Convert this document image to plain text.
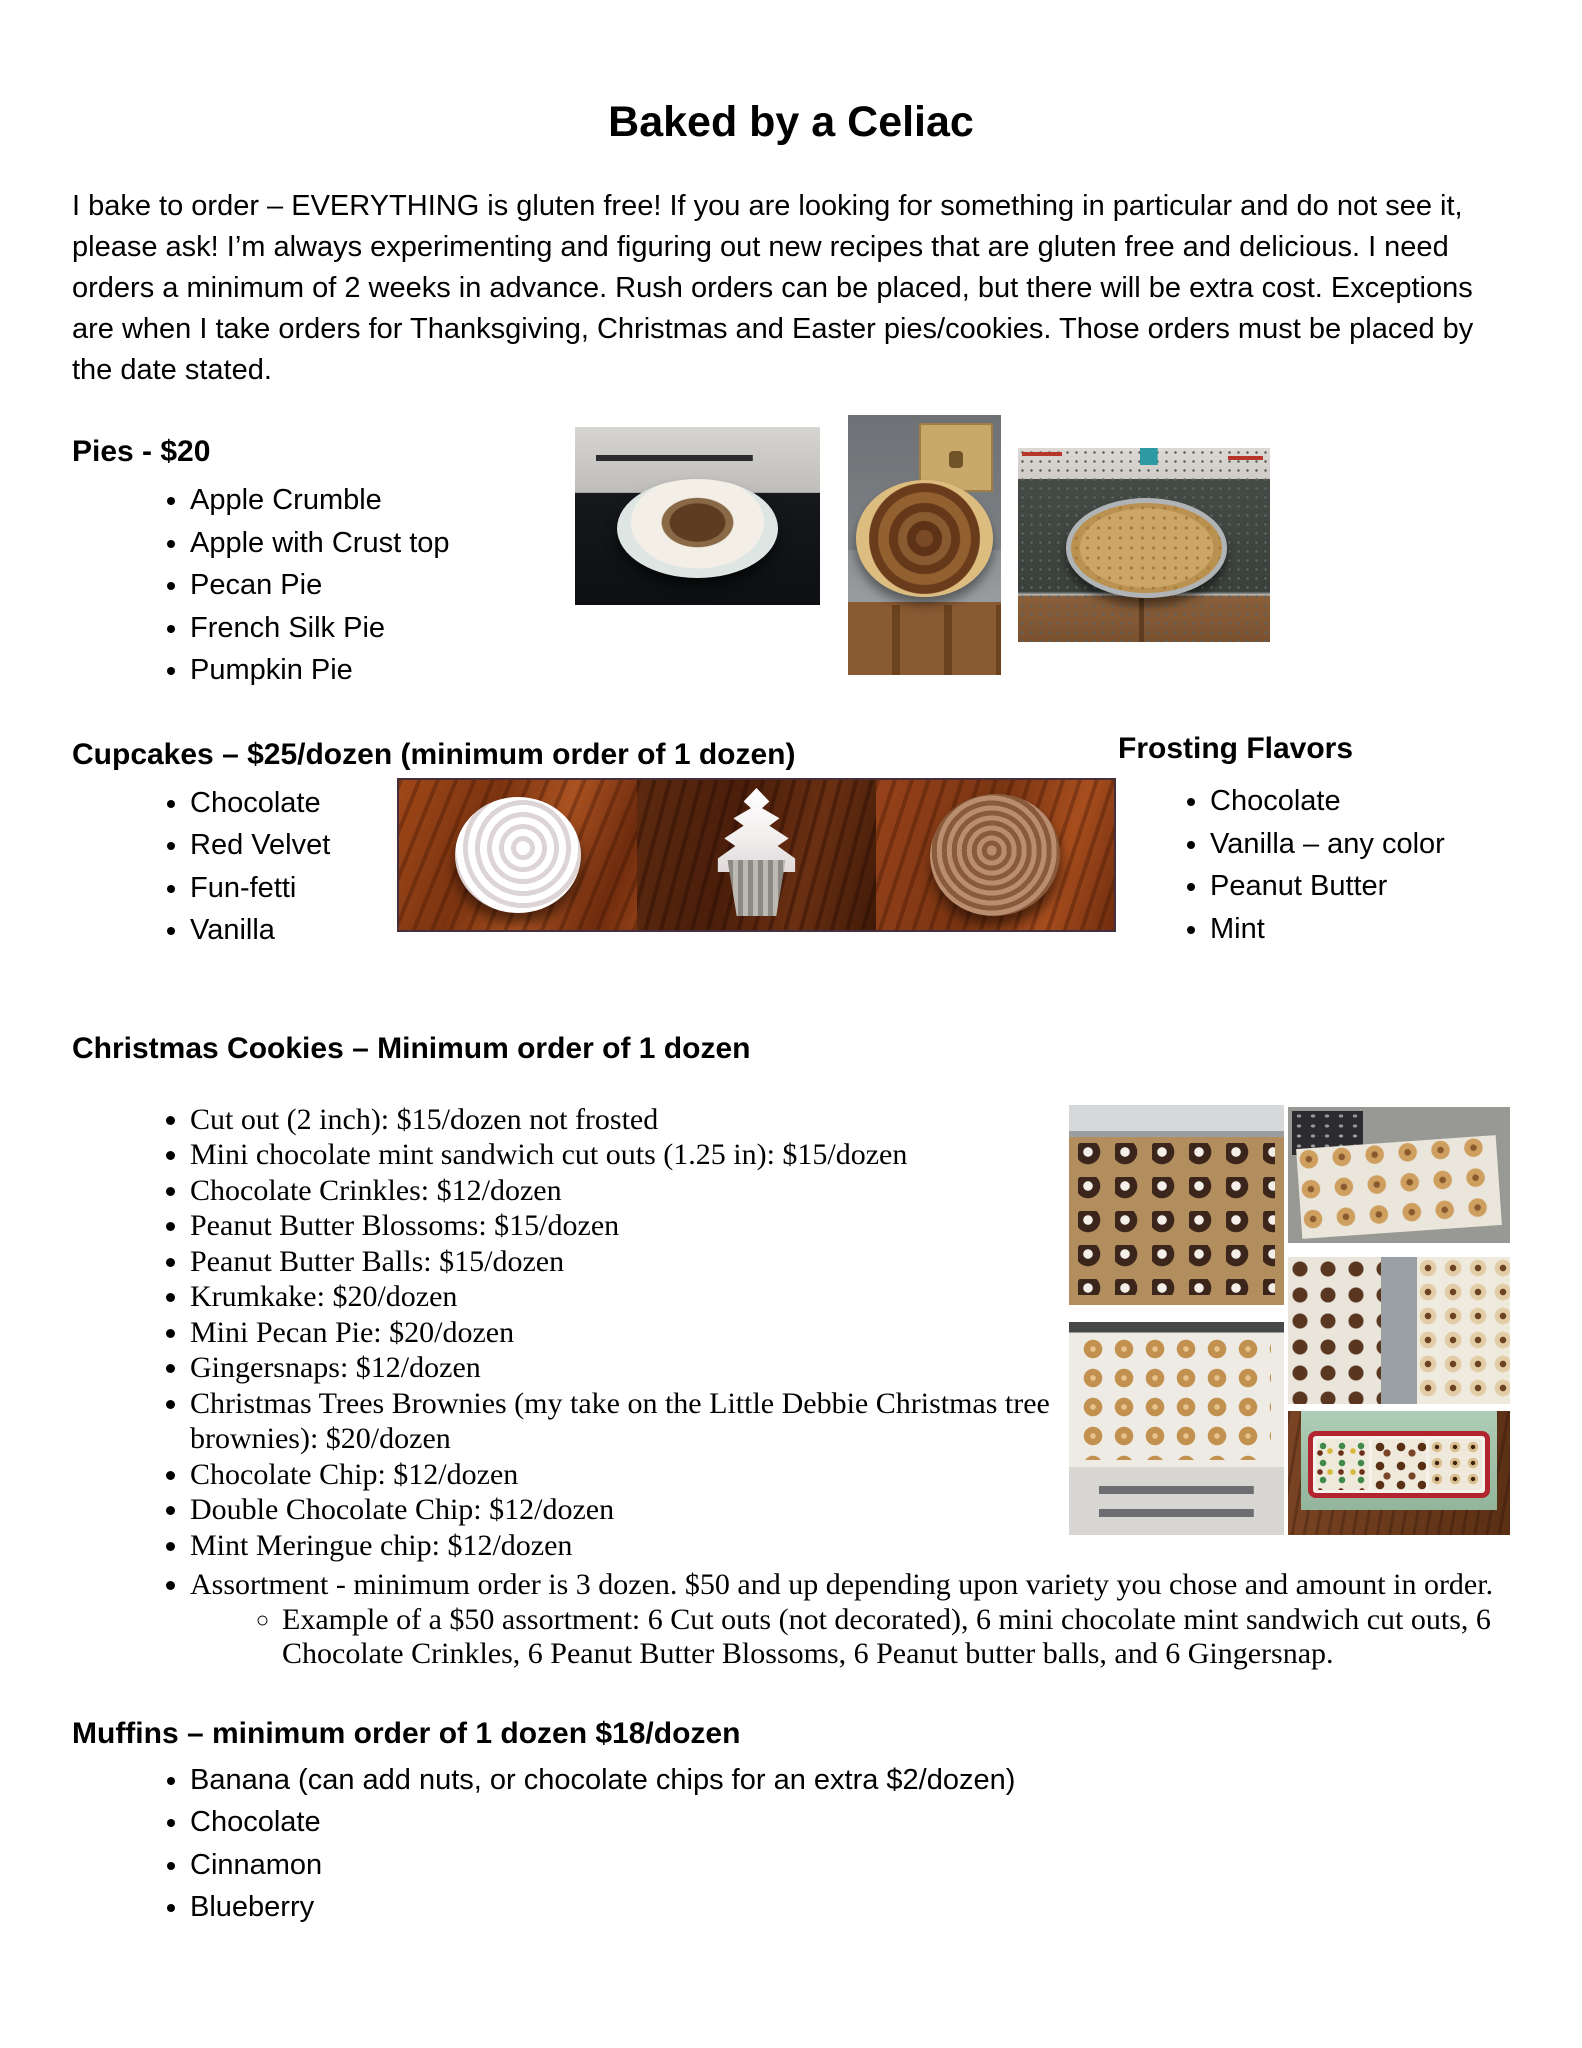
Baked by a Celiac

I bake to order – EVERYTHING is gluten free! If you are looking for something in particular and do not see it, please ask! I’m always experimenting and figuring out new recipes that are gluten free and delicious. I need orders a minimum of 2 weeks in advance. Rush orders can be placed, but there will be extra cost. Exceptions are when I take orders for Thanksgiving, Christmas and Easter pies/cookies. Those orders must be placed by the date stated.

Pies - $20
• Apple Crumble
• Apple with Crust top
• Pecan Pie
• French Silk Pie
• Pumpkin Pie
Cupcakes – $25/dozen (minimum order of 1 dozen)
• Chocolate
• Red Velvet
• Fun-fetti
• Vanilla
Frosting Flavors
• Chocolate
• Vanilla – any color
• Peanut Butter
• Mint
Christmas Cookies – Minimum order of 1 dozen
• Cut out (2 inch): $15/dozen not frosted
• Mini chocolate mint sandwich cut outs (1.25 in): $15/dozen
• Chocolate Crinkles: $12/dozen
• Peanut Butter Blossoms: $15/dozen
• Peanut Butter Balls: $15/dozen
• Krumkake: $20/dozen
• Mini Pecan Pie: $20/dozen
• Gingersnaps: $12/dozen
• Christmas Trees Brownies (my take on the Little Debbie Christmas tree brownies): $20/dozen
• Chocolate Chip: $12/dozen
• Double Chocolate Chip: $12/dozen
• Mint Meringue chip: $12/dozen
• Assortment - minimum order is 3 dozen. $50 and up depending upon variety you chose and amount in order.
◦ Example of a $50 assortment: 6 Cut outs (not decorated), 6 mini chocolate mint sandwich cut outs, 6 Chocolate Crinkles, 6 Peanut Butter Blossoms, 6 Peanut butter balls, and 6 Gingersnap.
Muffins – minimum order of 1 dozen $18/dozen
• Banana (can add nuts, or chocolate chips for an extra $2/dozen)
• Chocolate
• Cinnamon
• Blueberry
